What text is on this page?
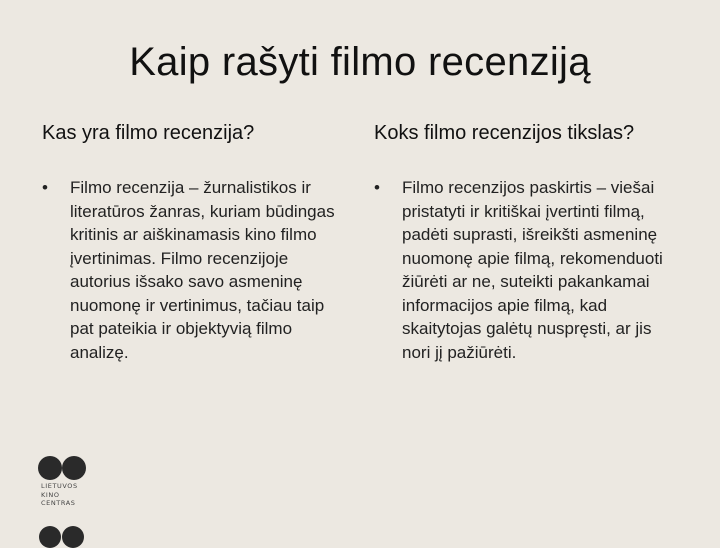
Kaip rašyti filmo recenziją
Kas yra filmo recenzija?
• Filmo recenzija – žurnalistikos ir literatūros žanras, kuriam būdingas kritinis ar aiškinamasis kino filmo įvertinimas. Filmo recenzijoje autorius išsako savo asmeninę nuomonę ir vertinimus, tačiau taip pat pateikia ir objektyvią filmo analizę.
Koks filmo recenzijos tikslas?
• Filmo recenzijos paskirtis – viešai pristatyti ir kritiškai įvertinti filmą, padėti suprasti, išreikšti asmeninę nuomonę apie filmą, rekomenduoti žiūrėti ar ne, suteikti pakankamai informacijos apie filmą, kad skaitytojas galėtų nuspręsti, ar jis nori jį pažiūrėti.
LIETUVOS
KINO
CENTRAS
